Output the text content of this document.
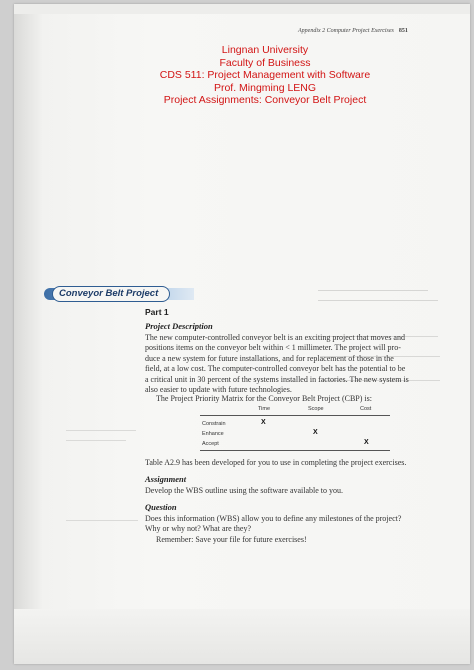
Appendix 2 Computer Project Exercises 851
Lingnan University
Faculty of Business
CDS 511: Project Management with Software
Prof. Mingming LENG
Project Assignments: Conveyor Belt Project
Conveyor Belt Project
Part 1
Project Description
The new computer-controlled conveyor belt is an exciting project that moves and
positions items on the conveyor belt within < 1 millimeter. The project will pro-
duce a new system for future installations, and for replacement of those in the
field, at a low cost. The computer-controlled conveyor belt has the potential to be
a critical unit in 30 percent of the systems installed in factories. The new system is
also easier to update with future technologies.
The Project Priority Matrix for the Conveyor Belt Project (CBP) is:
Time	Scope	Cost
Constrain
Enhance
Accept
X
X
X
Table A2.9 has been developed for you to use in completing the project exercises.
Assignment
Develop the WBS outline using the software available to you.
Question
Does this information (WBS) allow you to define any milestones of the project?
Why or why not? What are they?
Remember: Save your file for future exercises!
